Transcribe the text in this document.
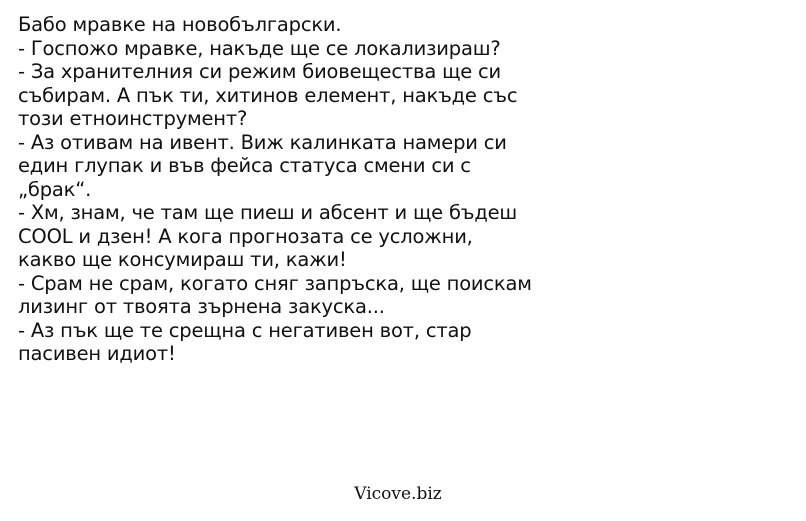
Бабо мравке на новобългарски.
- Госпожо мравке, накъде ще се локализираш?
- За хранителния си режим биовещества ще си
събирам. А пък ти, хитинов елемент, накъде със
този етноинструмент?
- Аз отивам на ивент. Виж калинката намери си
един глупак и във фейса статуса смени си с
„брак“.
- Хм, знам, че там ще пиеш и абсент и ще бъдеш
COOL и дзен! А кога прогнозата се усложни,
какво ще консумираш ти, кажи!
- Срам не срам, когато сняг запръска, ще поискам
лизинг от твоята зърнена закуска...
- Аз пък ще те срещна с негативен вот, стар
пасивен идиот!
Vicove.biz
